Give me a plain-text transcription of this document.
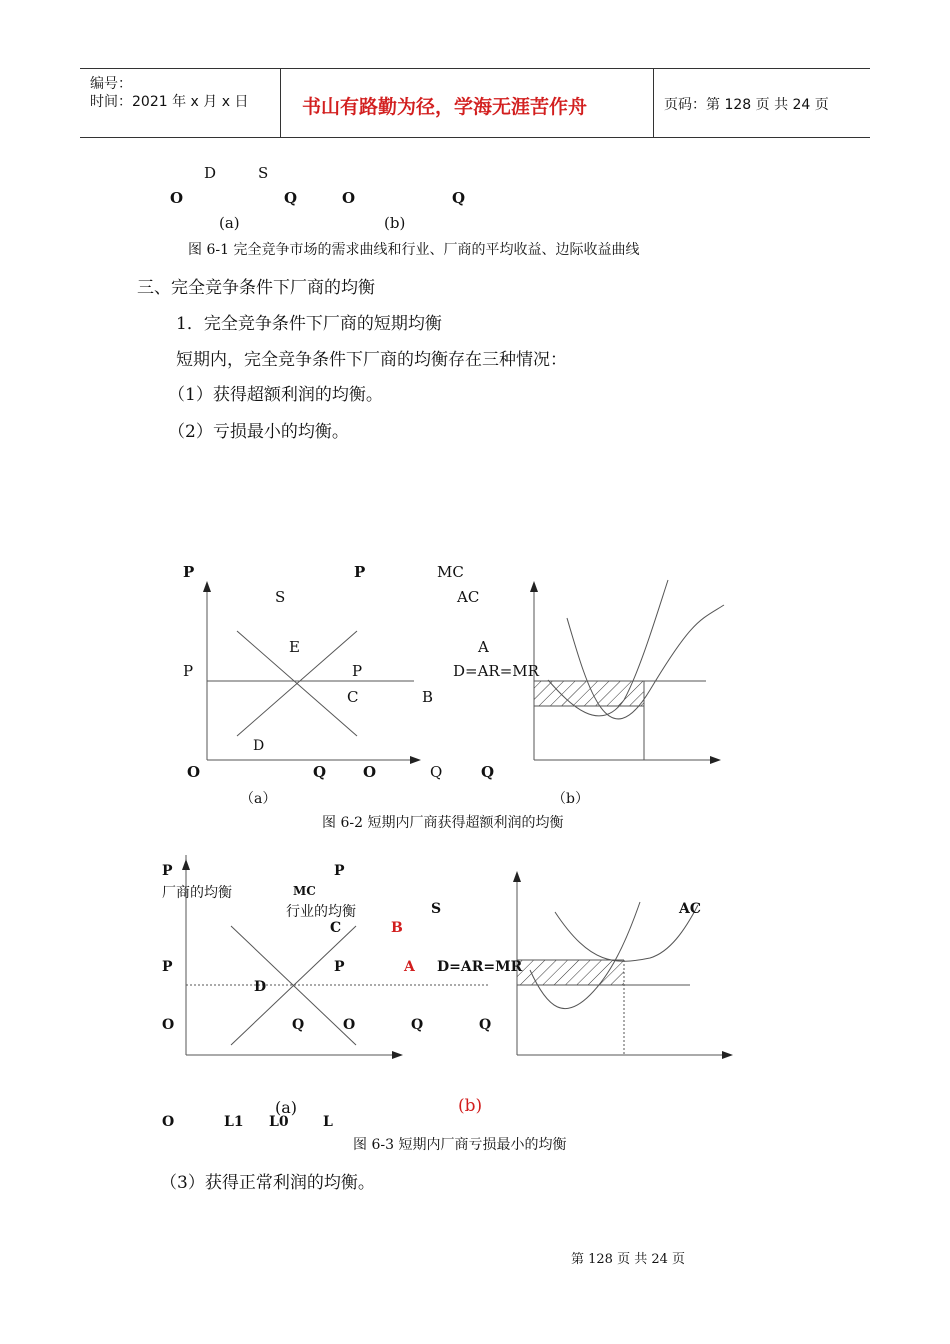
编号：
时间：2021 年 x 月 x 日	书山有路勤为径，学海无涯苦作舟	页码：第 128 页 共 24 页
D	S
O	Q	O	Q
(a)	(b)
图 6-1 完全竞争市场的需求曲线和行业、厂商的平均收益、边际收益曲线
三、完全竞争条件下厂商的均衡
1．完全竞争条件下厂商的短期均衡
短期内，完全竞争条件下厂商的均衡存在三种情况：
（1）获得超额利润的均衡。
（2）亏损最小的均衡。
P	P	MC
S	AC
E	A
P	P	D=AR=MR
C	B
D
O	Q O	Q	Q
（a）	（b）
图 6-2 短期内厂商获得超额利润的均衡
P	P
厂商的均衡	MC
行业的均衡	S	AC
C	B
P	P	A D=AR=MR
D
O	Q	O	Q	Q
(a)	(b)
O	L1 L0 L
图 6-3 短期内厂商亏损最小的均衡
（3）获得正常利润的均衡。
第 128 页 共 24 页
